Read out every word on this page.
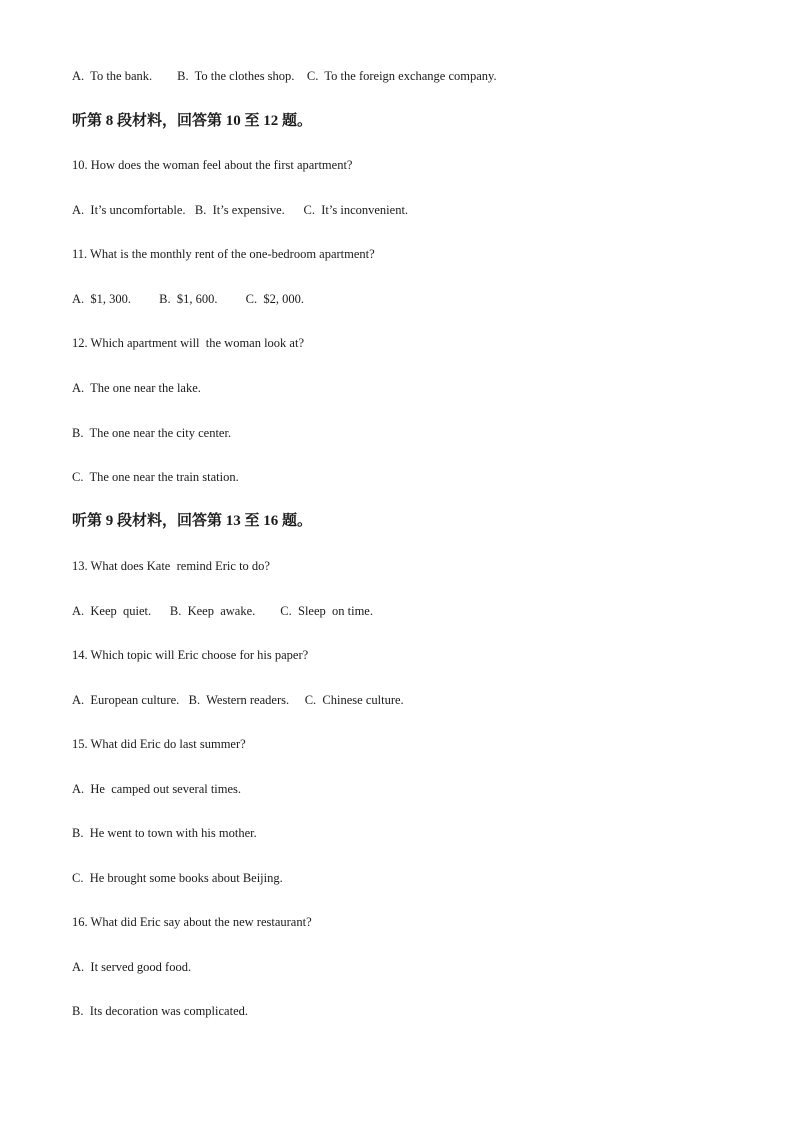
A.  To the bank.        B.  To the clothes shop.    C.  To the foreign exchange company.
听第 8 段材料，回答第 10 至 12 题。
10. How does the woman feel about the first apartment?
A.  It’s uncomfortable.   B.  It’s expensive.      C.  It’s inconvenient.
11. What is the monthly rent of the one-bedroom apartment?
A.  $1, 300.         B.  $1, 600.         C.  $2, 000.
12. Which apartment will  the woman look at?
A.  The one near the lake.
B.  The one near the city center.
C.  The one near the train station.
听第 9 段材料，回答第 13 至 16 题。
13. What does Kate  remind Eric to do?
A.  Keep  quiet.      B.  Keep  awake.        C.  Sleep  on time.
14. Which topic will Eric choose for his paper?
A.  European culture.   B.  Western readers.     C.  Chinese culture.
15. What did Eric do last summer?
A.  He  camped out several times.
B.  He went to town with his mother.
C.  He brought some books about Beijing.
16. What did Eric say about the new restaurant?
A.  It served good food.
B.  Its decoration was complicated.
